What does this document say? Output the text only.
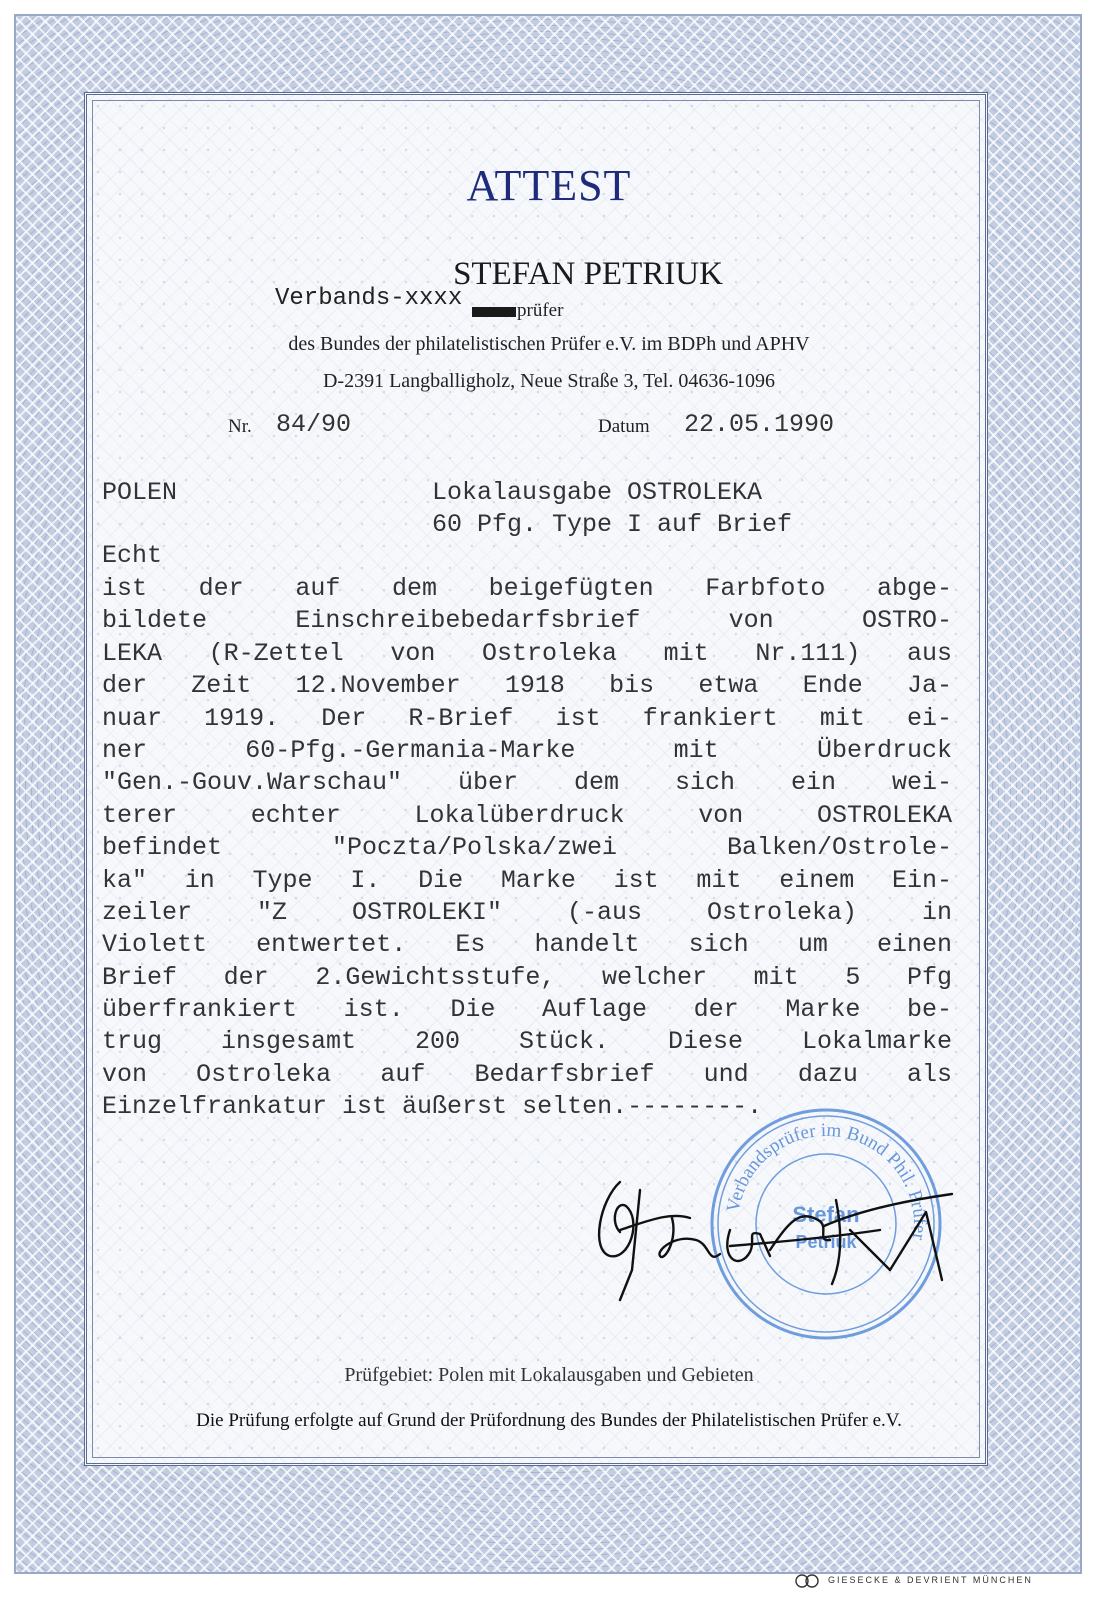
ATTEST
STEFAN PETRIUK
Verbands-xxxx	prüfer
des Bundes der philatelistischen Prüfer e.V. im BDPh und APHV
D-2391 Langballigholz, Neue Straße 3, Tel. 04636-1096
Nr. 84/90	Datum 22.05.1990
POLEN	Lokalausgabe OSTROLEKA
60 Pfg. Type I auf Brief
Echt
ist der auf dem beigefügten Farbfoto abge-
bildete Einschreibebedarfsbrief von OSTRO-
LEKA (R-Zettel von Ostroleka mit Nr.111) aus
der Zeit 12.November 1918 bis etwa Ende Ja-
nuar 1919. Der R-Brief ist frankiert mit ei-
ner 60-Pfg.-Germania-Marke mit Überdruck
"Gen.-Gouv.Warschau" über dem sich ein wei-
terer echter Lokalüberdruck von OSTROLEKA
befindet "Poczta/Polska/zwei Balken/Ostrole-
ka" in Type I. Die Marke ist mit einem Ein-
zeiler "Z OSTROLEKI" (-aus Ostroleka) in
Violett entwertet. Es handelt sich um einen
Brief der 2.Gewichtsstufe, welcher mit 5 Pfg
überfrankiert ist. Die Auflage der Marke be-
trug insgesamt 200 Stück. Diese Lokalmarke
von Ostroleka auf Bedarfsbrief und dazu als
Einzelfrankatur ist äußerst selten.--------.
Verbandsprüfer im Bund Phil. Prüfer
Stefan
Petriuk
Prüfgebiet: Polen mit Lokalausgaben und Gebieten
Die Prüfung erfolgte auf Grund der Prüfordnung des Bundes der Philatelistischen Prüfer e.V.
GIESECKE & DEVRIENT MÜNCHEN
